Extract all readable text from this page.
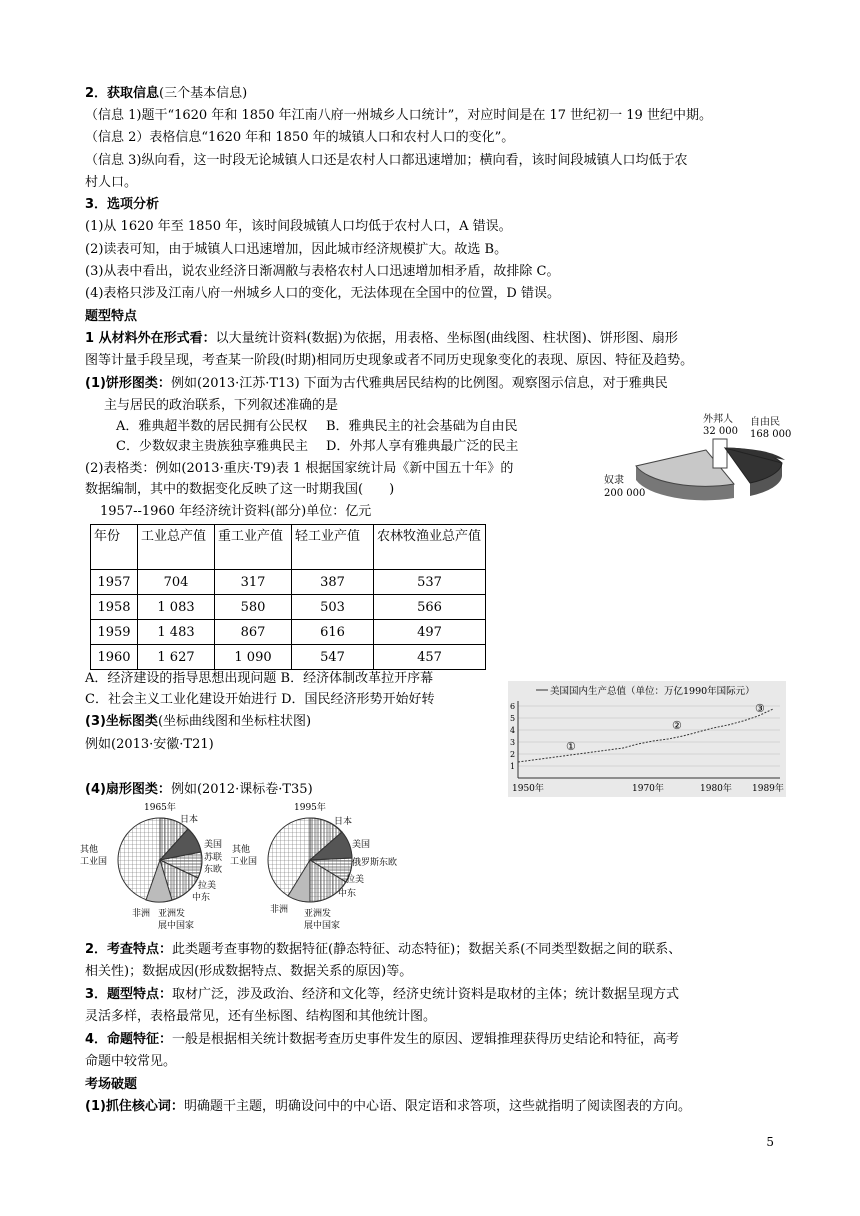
2．获取信息(三个基本信息)
（信息 1)题干“1620 年和 1850 年江南八府一州城乡人口统计”，对应时间是在 17 世纪初一 19 世纪中期。
（信息 2）表格信息“1620 年和 1850 年的城镇人口和农村人口的变化”。
（信息 3)纵向看，这一时段无论城镇人口还是农村人口都迅速增加；横向看，该时间段城镇人口均低于农
村人口。
3．选项分析
(1)从 1620 年至 1850 年，该时间段城镇人口均低于农村人口，A 错误。
(2)读表可知，由于城镇人口迅速增加，因此城市经济规模扩大。故选 B。
(3)从表中看出，说农业经济日渐凋敝与表格农村人口迅速增加相矛盾，故排除 C。
(4)表格只涉及江南八府一州城乡人口的变化，无法体现在全国中的位置，D 错误。
题型特点
1 从材料外在形式看：以大量统计资料(数据)为依据，用表格、坐标图(曲线图、柱状图)、饼形图、扇形
图等计量手段呈现，考查某一阶段(时期)相同历史现象或者不同历史现象变化的表现、原因、特征及趋势。
(1)饼形图类：例如(2013·江苏·T13) 下面为古代雅典居民结构的比例图。观察图示信息，对于雅典民
主与居民的政治联系，下列叙述准确的是
A．雅典超半数的居民拥有公民权 B．雅典民主的社会基础为自由民
C．少数奴隶主贵族独享雅典民主 D．外邦人享有雅典最广泛的民主
(2)表格类：例如(2013·重庆·T9)表 1 根据国家统计局《新中国五十年》的
数据编制，其中的数据变化反映了这一时期我国(　　)
1957--1960 年经济统计资料(部分)单位：亿元
外邦人
32 000
自由民
168 000
奴隶
200 000
年份	工业总产值	重工业产值	轻工业产值	农林牧渔业总产值
1957	704	317	387	537
1958	1 083	580	503	566
1959	1 483	867	616	497
1960	1 627	1 090	547	457
A．经济建设的指导思想出现问题 B．经济体制改革拉开序幕
C．社会主义工业化建设开始进行 D．国民经济形势开始好转
(3)坐标图类(坐标曲线图和坐标柱状图)
例如(2013·安徽·T21)
美国国内生产总值（单位：万亿1990年国际元）
6
5
4
3
2
1
①
②
③
1950年	1970年	1980年 1989年
(4)扇形图类：例如(2012·课标卷·T35)
1965年
日本
美国
苏联
东欧
拉美
中东
其他
工业国
非洲 亚洲发
展中国家
1995年
日本
美国
俄罗斯东欧
拉美
中东
其他
工业国
非洲 亚洲发
展中国家
2．考查特点：此类题考查事物的数据特征(静态特征、动态特征)；数据关系(不同类型数据之间的联系、
相关性)；数据成因(形成数据特点、数据关系的原因)等。
3．题型特点：取材广泛，涉及政治、经济和文化等，经济史统计资料是取材的主体；统计数据呈现方式
灵活多样，表格最常见，还有坐标图、结构图和其他统计图。
4．命题特征：一般是根据相关统计数据考查历史事件发生的原因、逻辑推理获得历史结论和特征，高考
命题中较常见。
考场破题
(1)抓住核心词：明确题干主题，明确设问中的中心语、限定语和求答项，这些就指明了阅读图表的方向。
5
